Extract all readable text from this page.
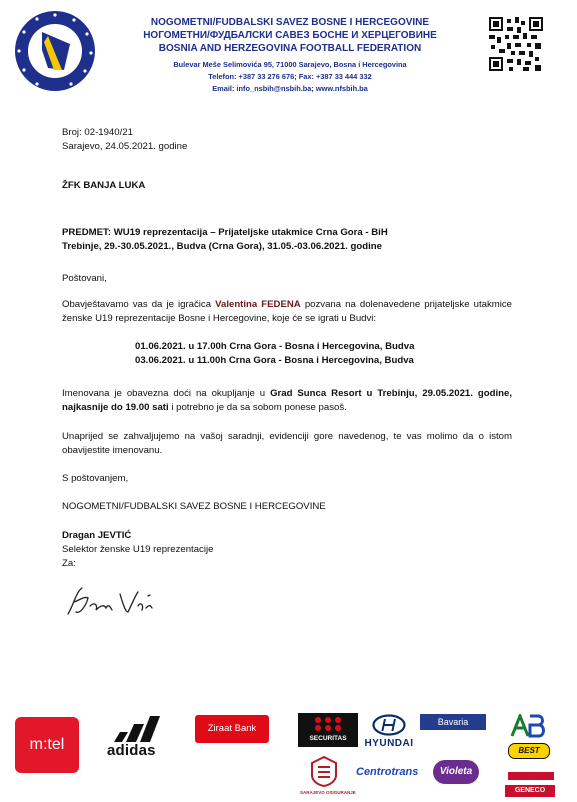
NOGOMETNI/FUDBALSKI SAVEZ BOSNE I HERCEGOVINE
НОГОМЕТНИ/ФУДБАЛСКИ САВЕЗ БОСНЕ И ХЕРЦЕГОВИНЕ
BOSNIA AND HERZEGOVINA FOOTBALL FEDERATION
Bulevar Meše Selimovića 95, 71000 Sarajevo, Bosna i Hercegovina
Telefon: +387 33 276 676; Fax: +387 33 444 332
Email: info_nsbih@nsbih.ba; www.nfsbih.ba
Broj: 02-1940/21
Sarajevo, 24.05.2021. godine
ŽFK BANJA LUKA
PREDMET: WU19 reprezentacija – Prijateljske utakmice Crna Gora - BiH
Trebinje, 29.-30.05.2021., Budva (Crna Gora), 31.05.-03.06.2021. godine
Poštovani,
Obavještavamo vas da je igračica Valentina FEDENA pozvana na dolenavedene prijateljske utakmice ženske U19 reprezentacije Bosne i Hercegovine, koje će se igrati u Budvi:
01.06.2021. u 17.00h Crna Gora - Bosna i Hercegovina, Budva
03.06.2021. u 11.00h Crna Gora - Bosna i Hercegovina, Budva
Imenovana je obavezna doći na okupljanje u Grad Sunca Resort u Trebinju, 29.05.2021. godine, najkasnije do 19.00 sati i potrebno je da sa sobom ponese pasoš.
Unaprijed se zahvaljujemo na vašoj saradnji, evidenciji gore navedenog, te vas molimo da o istom obavijestite imenovanu.
S poštovanjem,
NOGOMETNI/FUDBALSKI SAVEZ BOSNE I HERCEGOVINE
Dragan JEVTIĆ
Selektor ženske U19 reprezentacije
Za:
m:tel	adidas
Ziraat Bank
SECURITAS	HYUNDAI
Bavaria
SARAJEVO OSIGURANJE
Centrotrans	Violeta
BEST
GENECO
